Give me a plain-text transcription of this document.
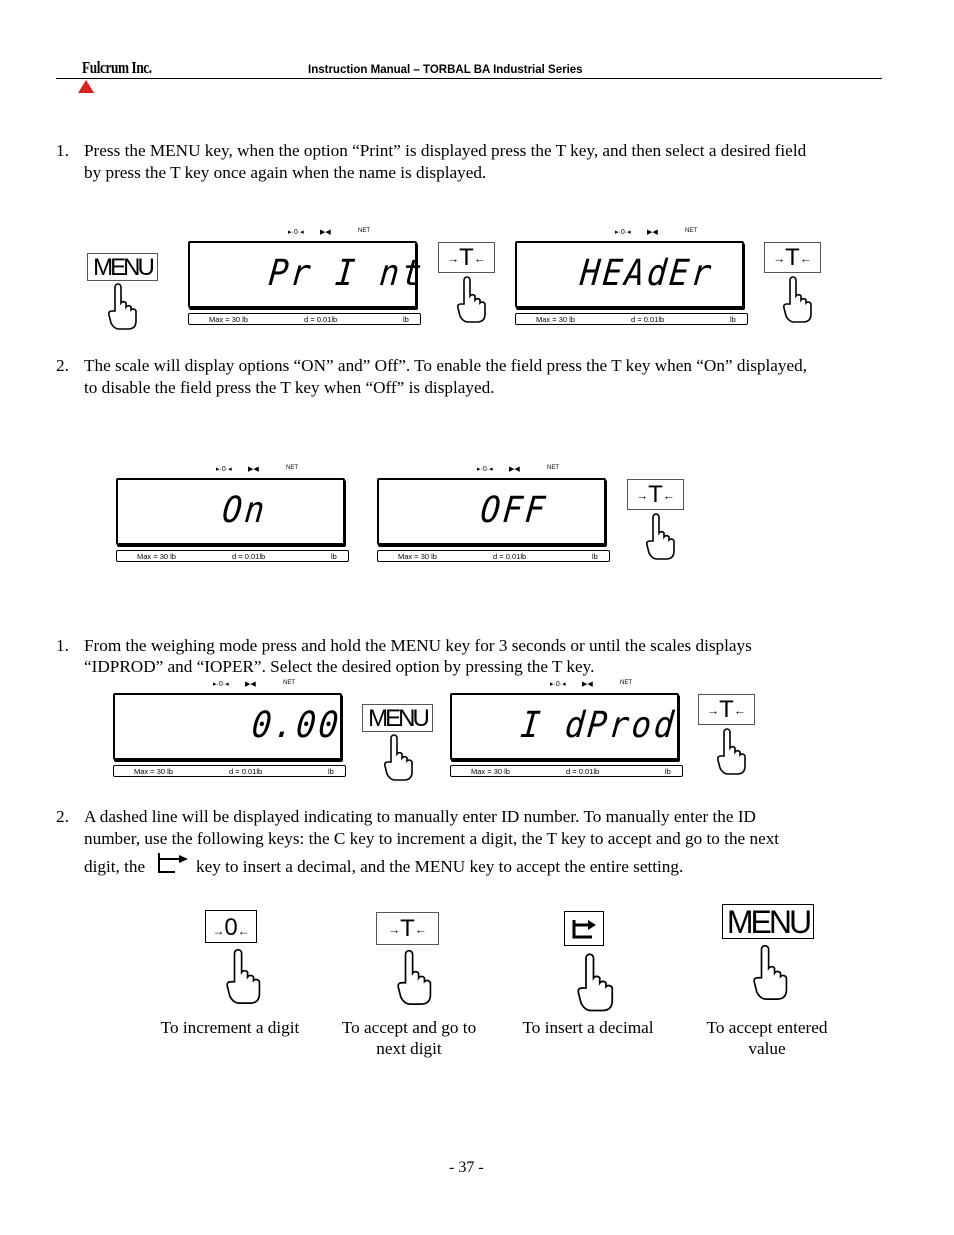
Fulcrum Inc.	Instruction Manual – TORBAL BA Industrial Series
1. Press the MENU key, when the option “Print” is displayed press the T key, and then select a desired field
by press the T key once again when the name is displayed.
MENU
▸·0·◂ ▶◀	NET
Pr I nt
Max = 30 lb	d = 0.01lb	lb
→T←
▸·0·◂ ▶◀	NET
HEAdEr
Max = 30 lb	d = 0.01lb	lb
→T←
2. The scale will display options “ON” and” Off”. To enable the field press the T key when “On” displayed,
to disable the field press the T key when “Off” is displayed.
▸·0·◂ ▶◀	NET
On
Max = 30 lb	d = 0.01lb	lb
▸·0·◂ ▶◀	NET
OFF
Max = 30 lb	d = 0.01lb	lb
→T←
1. From the weighing mode press and hold the MENU key for 3 seconds or until the scales displays
“IDPROD” and “IOPER”. Select the desired option by pressing the T key.
▸·0·◂ ▶◀	NET
0.00
Max = 30 lb	d = 0.01lb	lb
MENU
▸·0·◂ ▶◀	NET
I dProd
Max = 30 lb	d = 0.01lb	lb
→T←
2. A dashed line will be displayed indicating to manually enter ID number. To manually enter the ID
number, use the following keys: the C key to increment a digit, the T key to accept and go to the next
digit, the	key to insert a decimal, and the MENU key to accept the entire setting.
→0←	→T←	MENU
To increment a digit	To accept and go to
next digit
To insert a decimal	To accept entered
value
- 37 -
